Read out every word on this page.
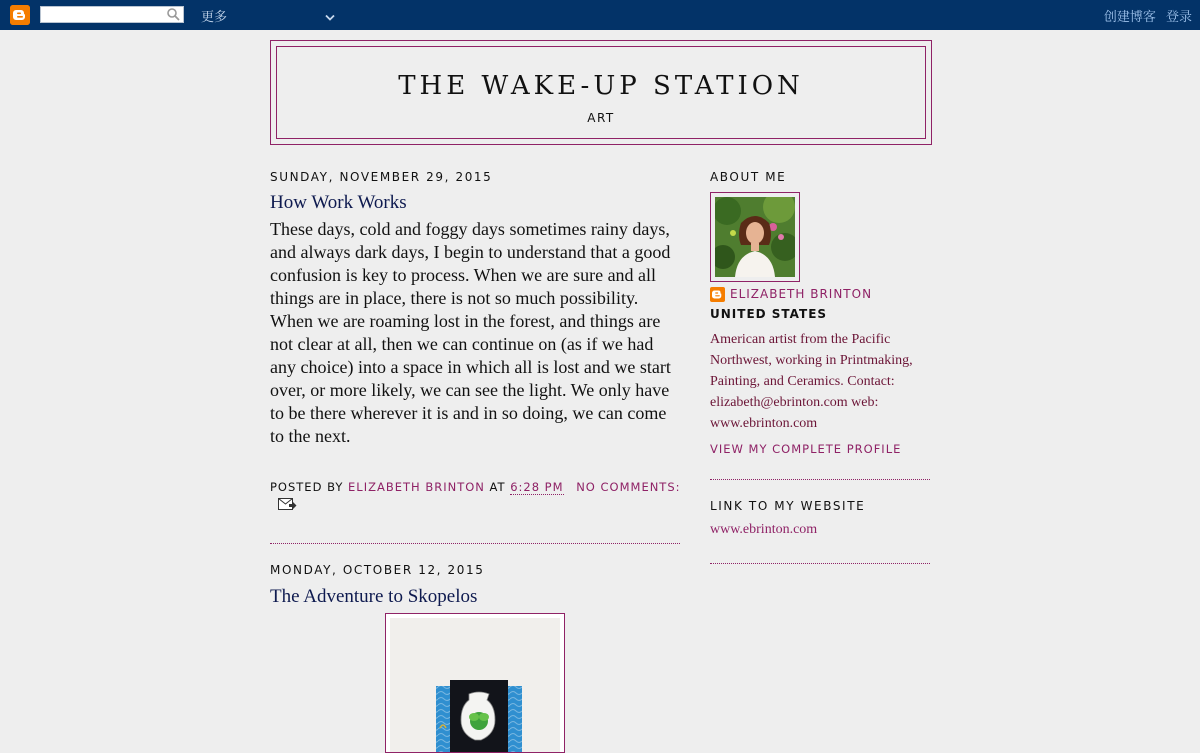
更多	创建博客 登录
THE WAKE-UP STATION
ART
SUNDAY, NOVEMBER 29, 2015
How Work Works
These days, cold and foggy days sometimes rainy days, and always dark days, I begin to understand that a good confusion is key to process. When we are sure and all things are in place, there is not so much possibility. When we are roaming lost in the forest, and things are not clear at all, then we can continue on (as if we had any choice) into a space in which all is lost and we start over, or more likely, we can see the light. We only have to be there wherever it is and in so doing, we can come to the next.
POSTED BY ELIZABETH BRINTON AT 6:28 PM NO COMMENTS:
MONDAY, OCTOBER 12, 2015
The Adventure to Skopelos
ABOUT ME
ELIZABETH BRINTON
UNITED STATES
American artist from the Pacific Northwest, working in Printmaking, Painting, and Ceramics. Contact: elizabeth@ebrinton.com web: www.ebrinton.com
VIEW MY COMPLETE PROFILE
LINK TO MY WEBSITE
www.ebrinton.com
